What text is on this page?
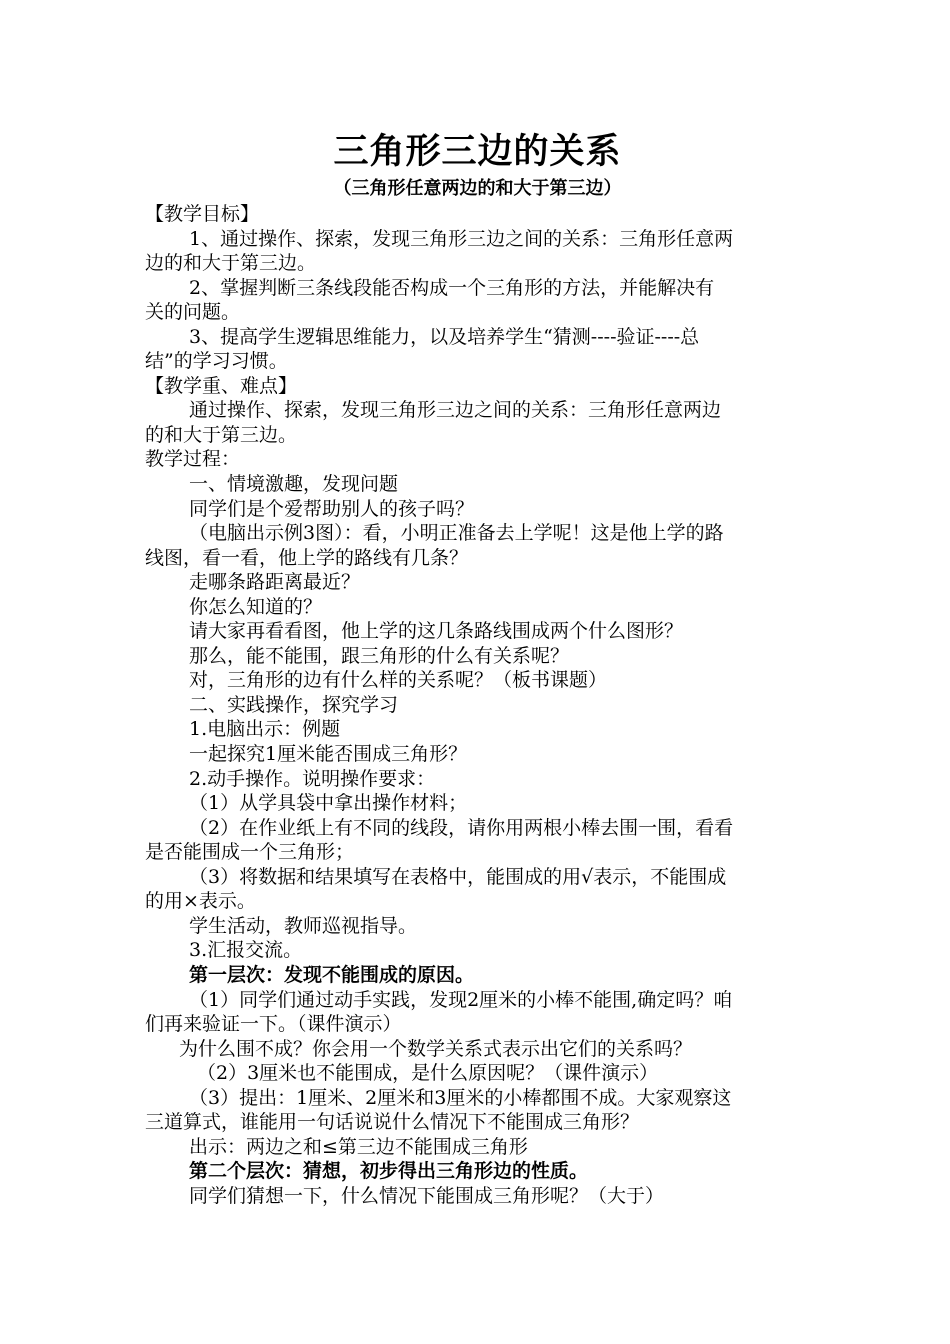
三角形三边的关系
（三角形任意两边的和大于第三边）
【教学目标】
1、通过操作、探索，发现三角形三边之间的关系：三角形任意两
边的和大于第三边。
2、掌握判断三条线段能否构成一个三角形的方法，并能解决有
关的问题。
3、提高学生逻辑思维能力，以及培养学生“猜测----验证----总
结”的学习习惯。
【教学重、难点】
通过操作、探索，发现三角形三边之间的关系：三角形任意两边
的和大于第三边。
教学过程：
一、情境激趣，发现问题
同学们是个爱帮助别人的孩子吗？
（电脑出示例3图）：看，小明正准备去上学呢！这是他上学的路
线图，看一看，他上学的路线有几条？
走哪条路距离最近？
你怎么知道的？
请大家再看看图，他上学的这几条路线围成两个什么图形？
那么，能不能围，跟三角形的什么有关系呢？
对，三角形的边有什么样的关系呢？（板书课题）
二、实践操作，探究学习
1.电脑出示：例题
一起探究1厘米能否围成三角形？
2.动手操作。说明操作要求：
（1）从学具袋中拿出操作材料；
（2）在作业纸上有不同的线段，请你用两根小棒去围一围，看看
是否能围成一个三角形；
（3）将数据和结果填写在表格中，能围成的用√表示，不能围成
的用×表示。
学生活动，教师巡视指导。
3.汇报交流。
第一层次：发现不能围成的原因。
（1）同学们通过动手实践，发现2厘米的小棒不能围,确定吗？咱
们再来验证一下。（课件演示）
为什么围不成？你会用一个数学关系式表示出它们的关系吗？
（2）3厘米也不能围成，是什么原因呢？（课件演示）
（3）提出：1厘米、2厘米和3厘米的小棒都围不成。大家观察这
三道算式，谁能用一句话说说什么情况下不能围成三角形？
出示：两边之和≤第三边不能围成三角形
第二个层次：猜想，初步得出三角形边的性质。
同学们猜想一下，什么情况下能围成三角形呢？（大于）
